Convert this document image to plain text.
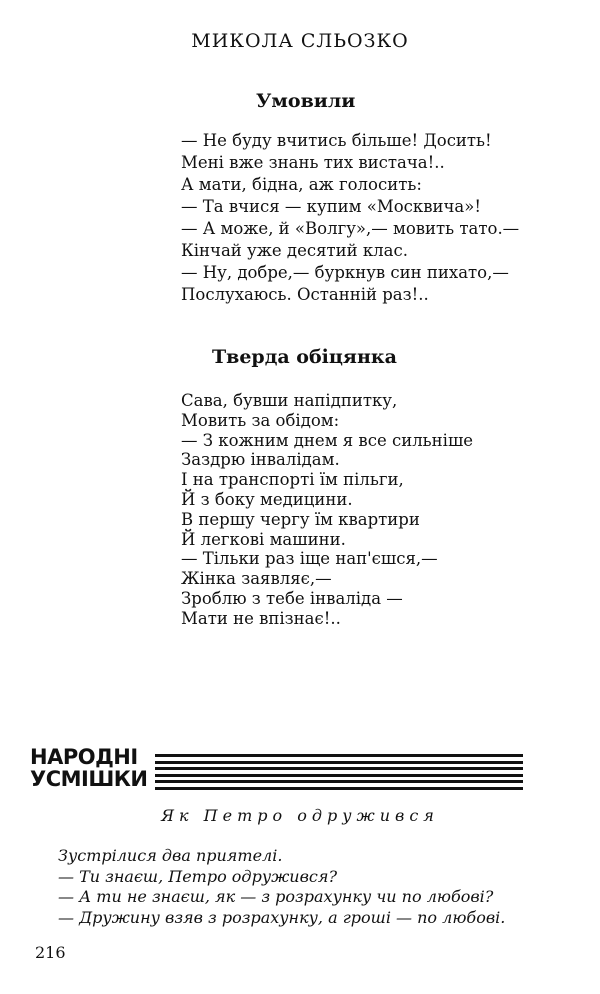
МИКОЛА СЛЬОЗКО
Умовили
— Не буду вчитись більше! Досить!
Мені вже знань тих вистача!..
А мати, бідна, аж голосить:
— Та вчися — купим «Москвича»!
— А може, й «Волгу»,— мовить тато.—
Кінчай уже десятий клас.
— Ну, добре,— буркнув син пихато,—
Послухаюсь. Останній раз!..
Тверда обіцянка
Сава, бувши напідпитку,
Мовить за обідом:
— З кожним днем я все сильніше
Заздрю інвалідам.
І на транспорті їм пільги,
Й з боку медицини.
В першу чергу їм квартири
Й легкові машини.
— Тільки раз іще нап'єшся,—
Жінка заявляє,—
Зроблю з тебе інваліда —
Мати не впізнає!..
НАРОДНІ
УСМІШКИ
Як Петро одружився
Зустрілися два приятелі.
— Ти знаєш, Петро одружився?
— А ти не знаєш, як — з розрахунку чи по любові?
— Дружину взяв з розрахунку, а гроші — по любові.
216
